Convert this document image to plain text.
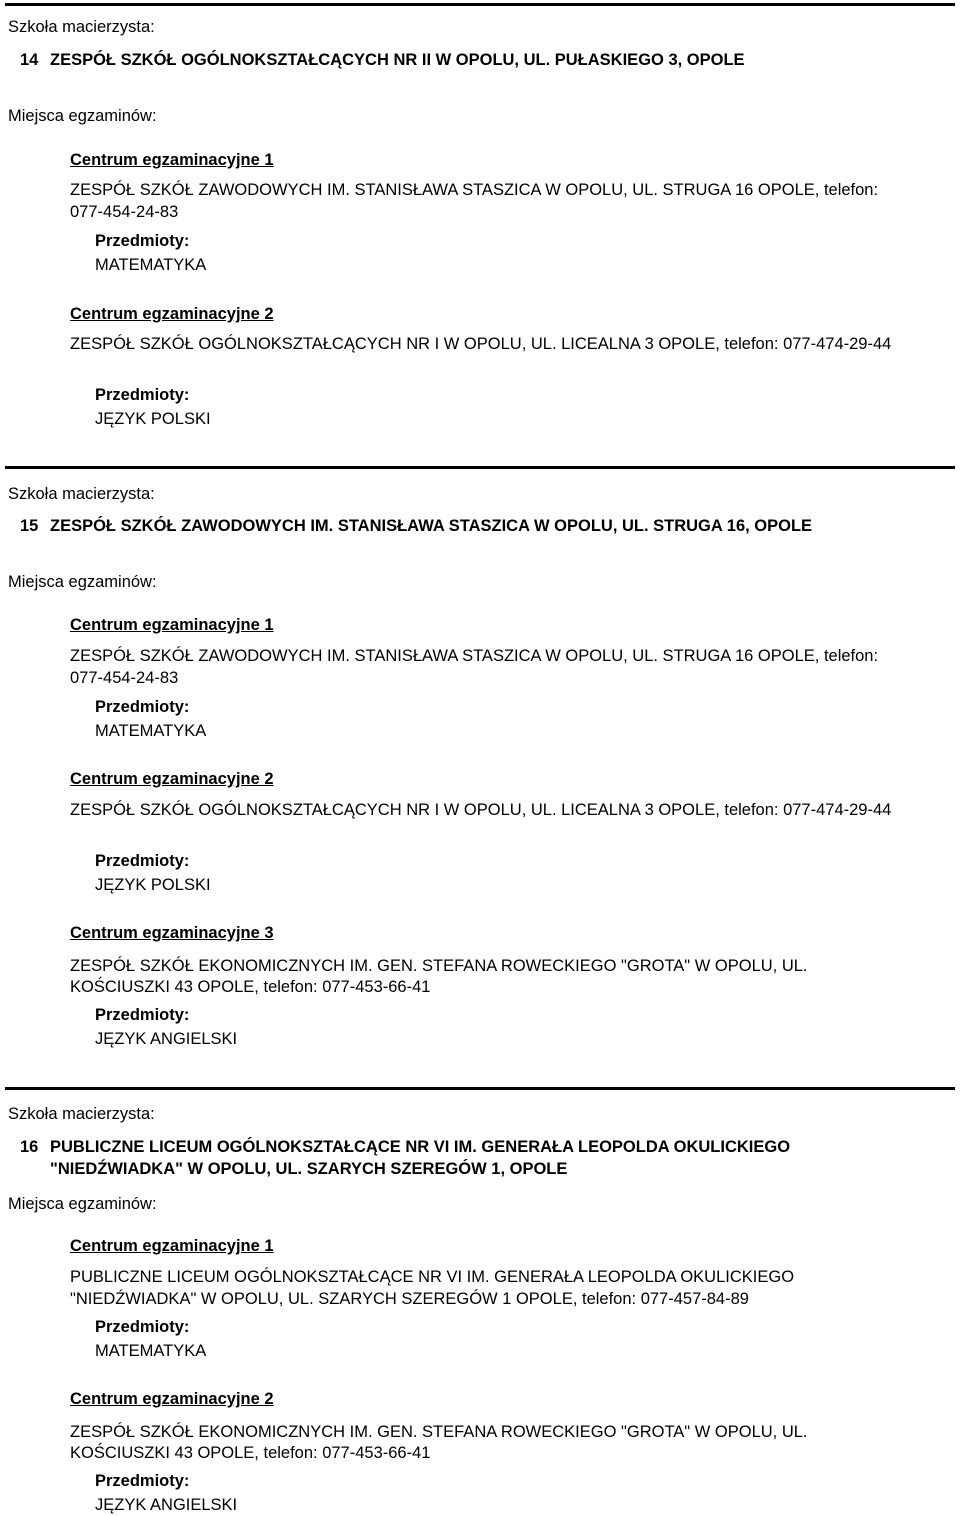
Szkoła macierzysta:
14 ZESPÓŁ SZKÓŁ OGÓLNOKSZTAŁCĄCYCH NR II W OPOLU, UL. PUŁASKIEGO 3, OPOLE
Miejsca egzaminów:
Centrum egzaminacyjne 1
ZESPÓŁ SZKÓŁ ZAWODOWYCH IM. STANISŁAWA STASZICA W OPOLU, UL. STRUGA 16 OPOLE, telefon:
077-454-24-83
Przedmioty:
MATEMATYKA
Centrum egzaminacyjne 2
ZESPÓŁ SZKÓŁ OGÓLNOKSZTAŁCĄCYCH NR I W OPOLU, UL. LICEALNA 3 OPOLE, telefon: 077-474-29-44
Przedmioty:
JĘZYK POLSKI
Szkoła macierzysta:
15 ZESPÓŁ SZKÓŁ ZAWODOWYCH IM. STANISŁAWA STASZICA W OPOLU, UL. STRUGA 16, OPOLE
Miejsca egzaminów:
Centrum egzaminacyjne 1
ZESPÓŁ SZKÓŁ ZAWODOWYCH IM. STANISŁAWA STASZICA W OPOLU, UL. STRUGA 16 OPOLE, telefon:
077-454-24-83
Przedmioty:
MATEMATYKA
Centrum egzaminacyjne 2
ZESPÓŁ SZKÓŁ OGÓLNOKSZTAŁCĄCYCH NR I W OPOLU, UL. LICEALNA 3 OPOLE, telefon: 077-474-29-44
Przedmioty:
JĘZYK POLSKI
Centrum egzaminacyjne 3
ZESPÓŁ SZKÓŁ EKONOMICZNYCH IM. GEN. STEFANA ROWECKIEGO "GROTA" W OPOLU, UL.
KOŚCIUSZKI 43 OPOLE, telefon: 077-453-66-41
Przedmioty:
JĘZYK ANGIELSKI
Szkoła macierzysta:
16 PUBLICZNE LICEUM OGÓLNOKSZTAŁCĄCE NR VI IM. GENERAŁA LEOPOLDA OKULICKIEGO
"NIEDŹWIADKA" W OPOLU, UL. SZARYCH SZEREGÓW 1, OPOLE
Miejsca egzaminów:
Centrum egzaminacyjne 1
PUBLICZNE LICEUM OGÓLNOKSZTAŁCĄCE NR VI IM. GENERAŁA LEOPOLDA OKULICKIEGO
"NIEDŹWIADKA" W OPOLU, UL. SZARYCH SZEREGÓW 1 OPOLE, telefon: 077-457-84-89
Przedmioty:
MATEMATYKA
Centrum egzaminacyjne 2
ZESPÓŁ SZKÓŁ EKONOMICZNYCH IM. GEN. STEFANA ROWECKIEGO "GROTA" W OPOLU, UL.
KOŚCIUSZKI 43 OPOLE, telefon: 077-453-66-41
Przedmioty:
JĘZYK ANGIELSKI
